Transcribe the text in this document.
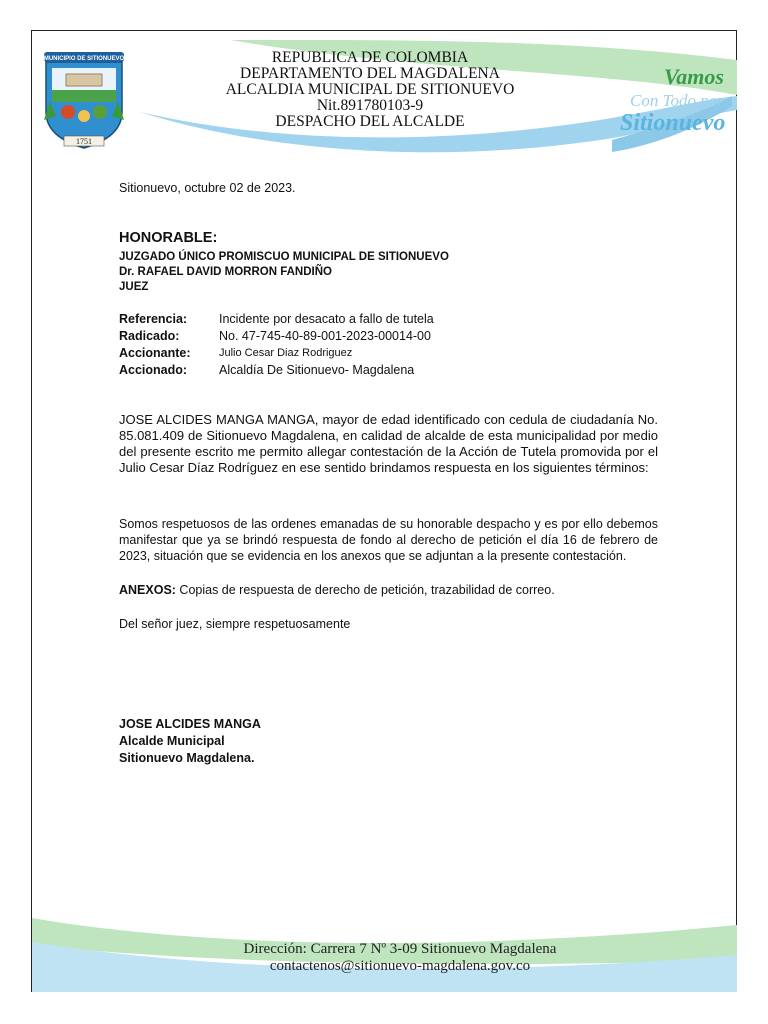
MUNICIPIO DE SITIONUEVO
1751
Vamos
Con Todo por
Sitionuevo
REPUBLICA DE COLOMBIA
DEPARTAMENTO DEL MAGDALENA
ALCALDIA MUNICIPAL DE SITIONUEVO
Nit.891780103-9
DESPACHO DEL ALCALDE
Sitionuevo, octubre 02 de 2023.
HONORABLE:
JUZGADO ÚNICO PROMISCUO MUNICIPAL DE SITIONUEVO
Dr. RAFAEL DAVID MORRON FANDIÑO
JUEZ
Referencia:	Incidente por desacato a fallo de tutela
Radicado:	No. 47-745-40-89-001-2023-00014-00
Accionante:	Julio Cesar Diaz Rodriguez
Accionado:	Alcaldía De Sitionuevo- Magdalena
JOSE ALCIDES MANGA MANGA, mayor de edad identificado con cedula de ciudadanía No. 85.081.409 de Sitionuevo Magdalena, en calidad de alcalde de esta municipalidad por medio del presente escrito me permito allegar contestación de la Acción de Tutela promovida por el Julio Cesar Díaz Rodríguez en ese sentido brindamos respuesta en los siguientes términos:
Somos respetuosos de las ordenes emanadas de su honorable despacho y es por ello debemos manifestar que ya se brindó respuesta de fondo al derecho de petición el día 16 de febrero de 2023, situación que se evidencia en los anexos que se adjuntan a la presente contestación.
ANEXOS: Copias de respuesta de derecho de petición, trazabilidad de correo.
Del señor juez, siempre respetuosamente
JOSE ALCIDES MANGA
Alcalde Municipal
Sitionuevo Magdalena.
Dirección: Carrera 7 Nº 3-09 Sitionuevo Magdalena
contactenos@sitionuevo-magdalena.gov.co
